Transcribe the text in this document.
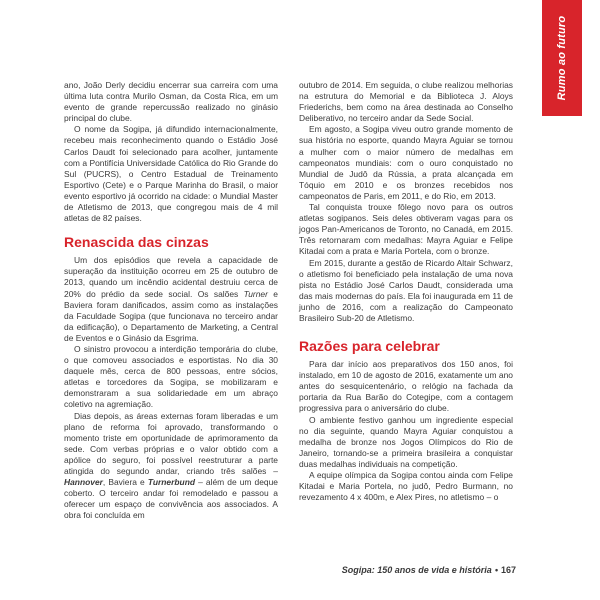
Rumo ao futuro

ano, João Derly decidiu encerrar sua carreira com uma última luta contra Murilo Osman, da Costa Rica, em um evento de grande repercussão realizado no ginásio principal do clube.

O nome da Sogipa, já difundido internacionalmente, recebeu mais reconhecimento quando o Estádio José Carlos Daudt foi selecionado para acolher, juntamente com a Pontifícia Universidade Católica do Rio Grande do Sul (PUCRS), o Centro Estadual de Treinamento Esportivo (Cete) e o Parque Marinha do Brasil, o maior evento esportivo já ocorrido na cidade: o Mundial Master de Atletismo de 2013, que congregou mais de 4 mil atletas de 82 países.

Renascida das cinzas

Um dos episódios que revela a capacidade de superação da instituição ocorreu em 25 de outubro de 2013, quando um incêndio acidental destruiu cerca de 20% do prédio da sede social. Os salões Turner e Baviera foram danificados, assim como as instalações da Faculdade Sogipa (que funcionava no terceiro andar da edificação), o Departamento de Marketing, a Central de Eventos e o Ginásio da Esgrima.

O sinistro provocou a interdição temporária do clube, o que comoveu associados e esportistas. No dia 30 daquele mês, cerca de 800 pessoas, entre sócios, atletas e torcedores da Sogipa, se mobilizaram e demonstraram a sua solidariedade em um abraço coletivo na agremiação.

Dias depois, as áreas externas foram liberadas e um plano de reforma foi aprovado, transformando o momento triste em oportunidade de aprimoramento da sede. Com verbas próprias e o valor obtido com a apólice do seguro, foi possível reestruturar a parte atingida do segundo andar, criando três salões – Hannover, Baviera e Turnerbund – além de um deque coberto. O terceiro andar foi remodelado e passou a oferecer um espaço de convivência aos associados. A obra foi concluída em

outubro de 2014. Em seguida, o clube realizou melhorias na estrutura do Memorial e da Biblioteca J. Aloys Friederichs, bem como na área destinada ao Conselho Deliberativo, no terceiro andar da Sede Social.

Em agosto, a Sogipa viveu outro grande momento de sua história no esporte, quando Mayra Aguiar se tornou a mulher com o maior número de medalhas em campeonatos mundiais: com o ouro conquistado no Mundial de Judô da Rússia, a prata alcançada em Tóquio em 2010 e os bronzes recebidos nos campeonatos de Paris, em 2011, e do Rio, em 2013.

Tal conquista trouxe fôlego novo para os outros atletas sogipanos. Seis deles obtiveram vagas para os jogos Pan-Americanos de Toronto, no Canadá, em 2015. Três retornaram com medalhas: Mayra Aguiar e Felipe Kitadai com a prata e Maria Portela, com o bronze.

Em 2015, durante a gestão de Ricardo Altair Schwarz, o atletismo foi beneficiado pela instalação de uma nova pista no Estádio José Carlos Daudt, considerada uma das mais modernas do país. Ela foi inaugurada em 11 de junho de 2016, com a realização do Campeonato Brasileiro Sub-20 de Atletismo.

Razões para celebrar

Para dar início aos preparativos dos 150 anos, foi instalado, em 10 de agosto de 2016, exatamente um ano antes do sesquicentenário, o relógio na fachada da portaria da Rua Barão do Cotegipe, com a contagem progressiva para o aniversário do clube.

O ambiente festivo ganhou um ingrediente especial no dia seguinte, quando Mayra Aguiar conquistou a medalha de bronze nos Jogos Olímpicos do Rio de Janeiro, tornando-se a primeira brasileira a conquistar duas medalhas individuais na competição.

A equipe olímpica da Sogipa contou ainda com Felipe Kitadai e Maria Portela, no judô, Pedro Burmann, no revezamento 4 x 400m, e Alex Pires, no atletismo – o

Sogipa: 150 anos de vida e história • 167
